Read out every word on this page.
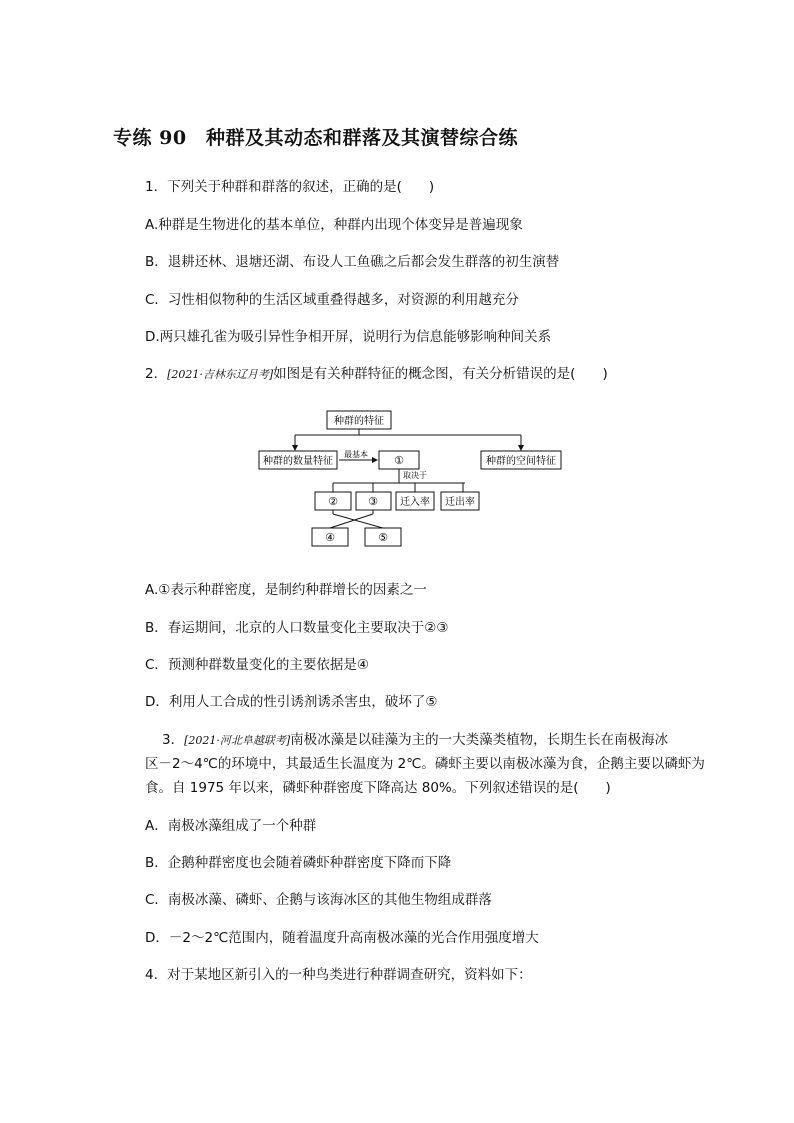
专练 90　种群及其动态和群落及其演替综合练
1．下列关于种群和群落的叙述，正确的是(　　)
A.种群是生物进化的基本单位，种群内出现个体变异是普遍现象
B．退耕还林、退塘还湖、布设人工鱼礁之后都会发生群落的初生演替
C．习性相似物种的生活区域重叠得越多，对资源的利用越充分
D.两只雄孔雀为吸引异性争相开屏，说明行为信息能够影响种间关系
2．[2021·吉林东辽月考]如图是有关种群特征的概念图，有关分析错误的是(　　)
种群的特征
种群的数量特征	种群的空间特征
最基本 ①
取决于
②	③ 迁入率 迁出率
④	⑤
A.①表示种群密度，是制约种群增长的因素之一
B．春运期间，北京的人口数量变化主要取决于②③
C．预测种群数量变化的主要依据是④
D．利用人工合成的性引诱剂诱杀害虫，破坏了⑤
3．[2021·河北阜越联考]南极冰藻是以硅藻为主的一大类藻类植物，长期生长在南极海冰
区－2～4℃的环境中，其最适生长温度为 2℃。磷虾主要以南极冰藻为食，企鹅主要以磷虾为
食。自 1975 年以来，磷虾种群密度下降高达 80%。下列叙述错误的是(　　)
A．南极冰藻组成了一个种群
B．企鹅种群密度也会随着磷虾种群密度下降而下降
C．南极冰藻、磷虾、企鹅与该海冰区的其他生物组成群落
D．－2～2℃范围内，随着温度升高南极冰藻的光合作用强度增大
4．对于某地区新引入的一种鸟类进行种群调查研究，资料如下：
